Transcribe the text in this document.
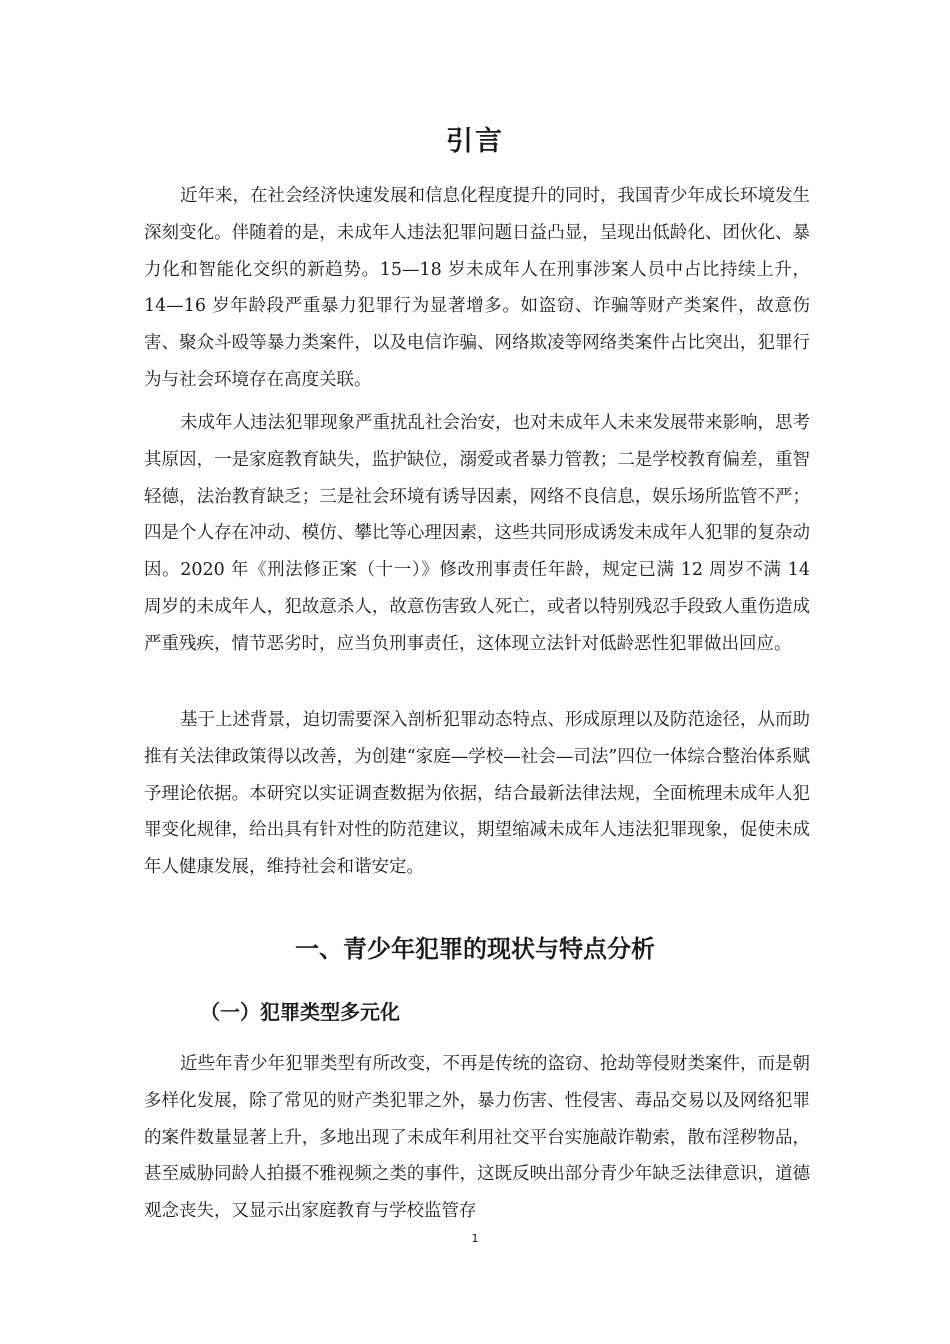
引言

近年来，在社会经济快速发展和信息化程度提升的同时，我国青少年成长环境发生深刻变化。伴随着的是，未成年人违法犯罪问题日益凸显，呈现出低龄化、团伙化、暴力化和智能化交织的新趋势。15—18 岁未成年人在刑事涉案人员中占比持续上升，14—16 岁年龄段严重暴力犯罪行为显著增多。如盗窃、诈骗等财产类案件，故意伤害、聚众斗殴等暴力类案件，以及电信诈骗、网络欺凌等网络类案件占比突出，犯罪行为与社会环境存在高度关联。

未成年人违法犯罪现象严重扰乱社会治安，也对未成年人未来发展带来影响，思考其原因，一是家庭教育缺失，监护缺位，溺爱或者暴力管教；二是学校教育偏差，重智轻德，法治教育缺乏；三是社会环境有诱导因素，网络不良信息，娱乐场所监管不严；四是个人存在冲动、模仿、攀比等心理因素，这些共同形成诱发未成年人犯罪的复杂动因。2020 年《刑法修正案（十一）》修改刑事责任年龄，规定已满 12 周岁不满 14 周岁的未成年人，犯故意杀人，故意伤害致人死亡，或者以特别残忍手段致人重伤造成严重残疾，情节恶劣时，应当负刑事责任，这体现立法针对低龄恶性犯罪做出回应。

基于上述背景，迫切需要深入剖析犯罪动态特点、形成原理以及防范途径，从而助推有关法律政策得以改善，为创建“家庭—学校—社会—司法”四位一体综合整治体系赋予理论依据。本研究以实证调查数据为依据，结合最新法律法规，全面梳理未成年人犯罪变化规律，给出具有针对性的防范建议，期望缩减未成年人违法犯罪现象，促使未成年人健康发展，维持社会和谐安定。

一、青少年犯罪的现状与特点分析
（一）犯罪类型多元化

近些年青少年犯罪类型有所改变，不再是传统的盗窃、抢劫等侵财类案件，而是朝多样化发展，除了常见的财产类犯罪之外，暴力伤害、性侵害、毒品交易以及网络犯罪的案件数量显著上升，多地出现了未成年利用社交平台实施敲诈勒索，散布淫秽物品，甚至威胁同龄人拍摄不雅视频之类的事件，这既反映出部分青少年缺乏法律意识，道德观念丧失，又显示出家庭教育与学校监管存

1
